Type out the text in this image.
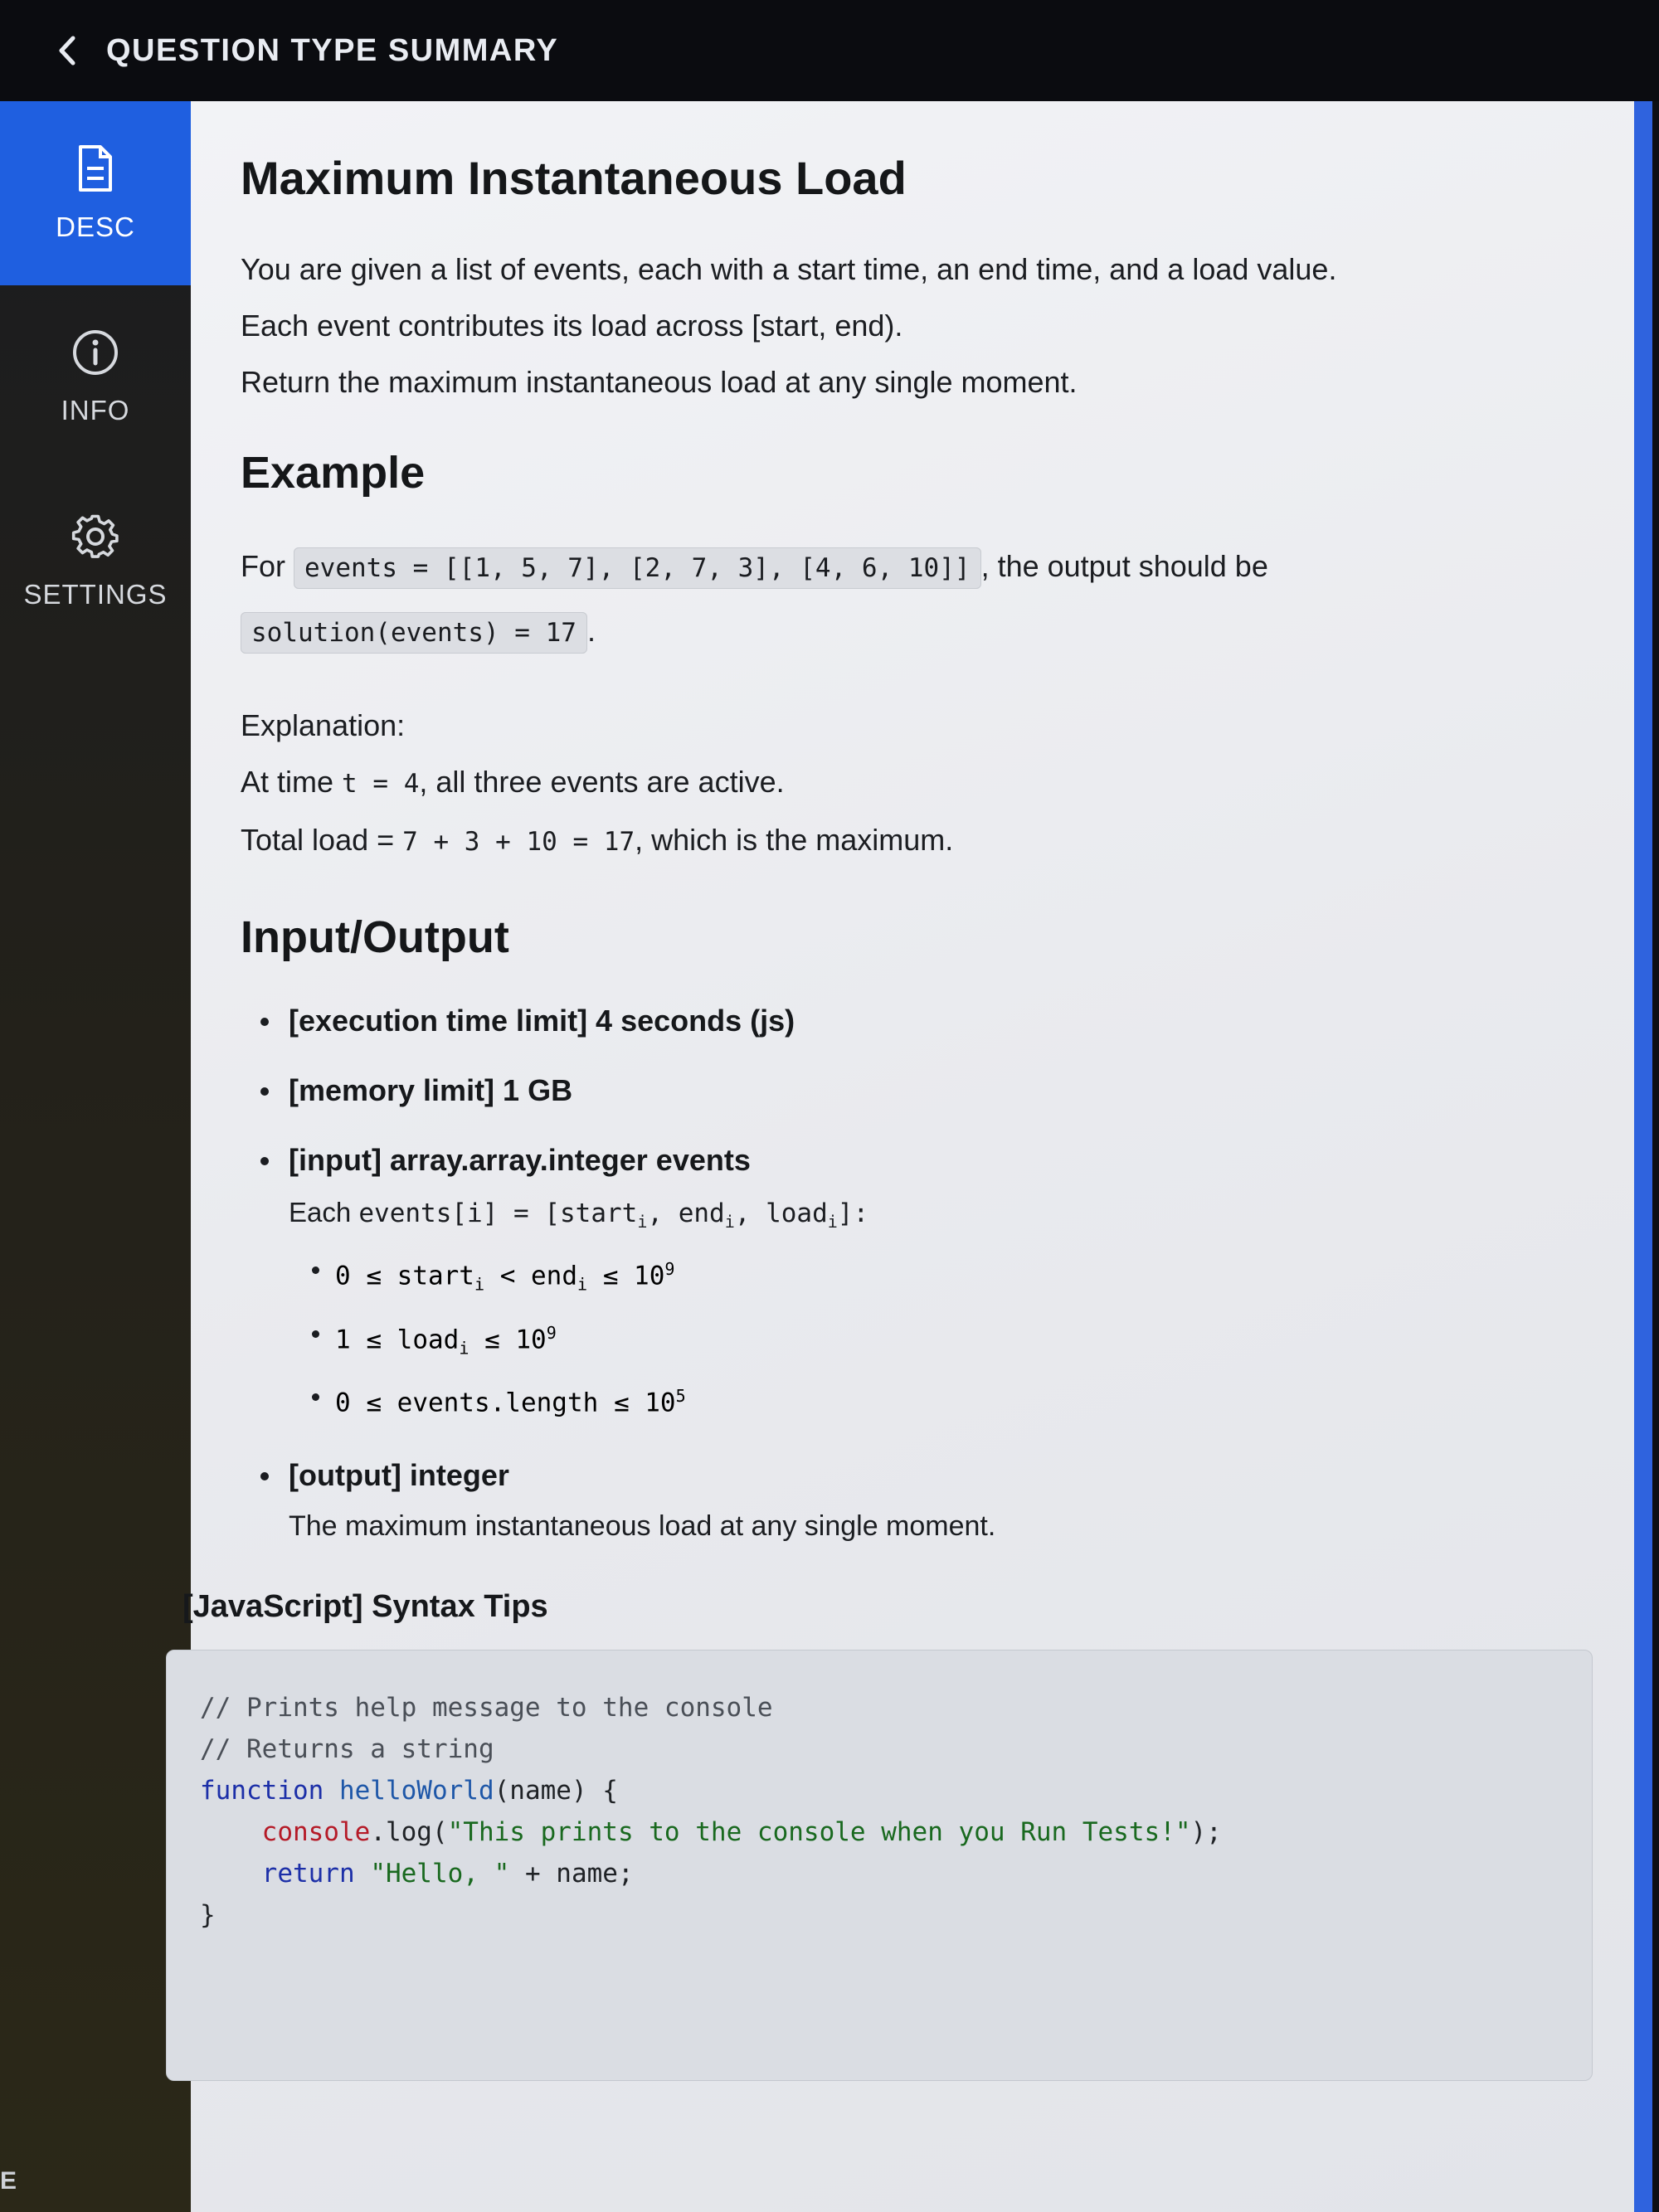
QUESTION TYPE SUMMARY
DESC
INFO
SETTINGS
E
Maximum Instantaneous Load

You are given a list of events, each with a start time, an end time, and a load value.

Each event contributes its load across [start, end).

Return the maximum instantaneous load at any single moment.

Example

For events = [[1, 5, 7], [2, 7, 3], [4, 6, 10]] , the output should be

solution(events) = 17 .

Explanation:

At time t = 4, all three events are active.

Total load = 7 + 3 + 10 = 17, which is the maximum.

Input/Output
[execution time limit] 4 seconds (js)
[memory limit] 1 GB
[input] array.array.integer events
Each events[i] = [start$_i$, end$_i$, load$_i$]:
0 ≤ start$_i$ < $end_i \le 10^9$
1 ≤ load$_i$ ≤ $10^9$
0 ≤ events.length ≤ $10^5$
[output] integer
The maximum instantaneous load at any single moment.
[JavaScript] Syntax Tips
// Prints help message to the console
// Returns a string
function helloWorld(name) {
console.log("This prints to the console when you Run Tests!");
return "Hello, " + name;
}
